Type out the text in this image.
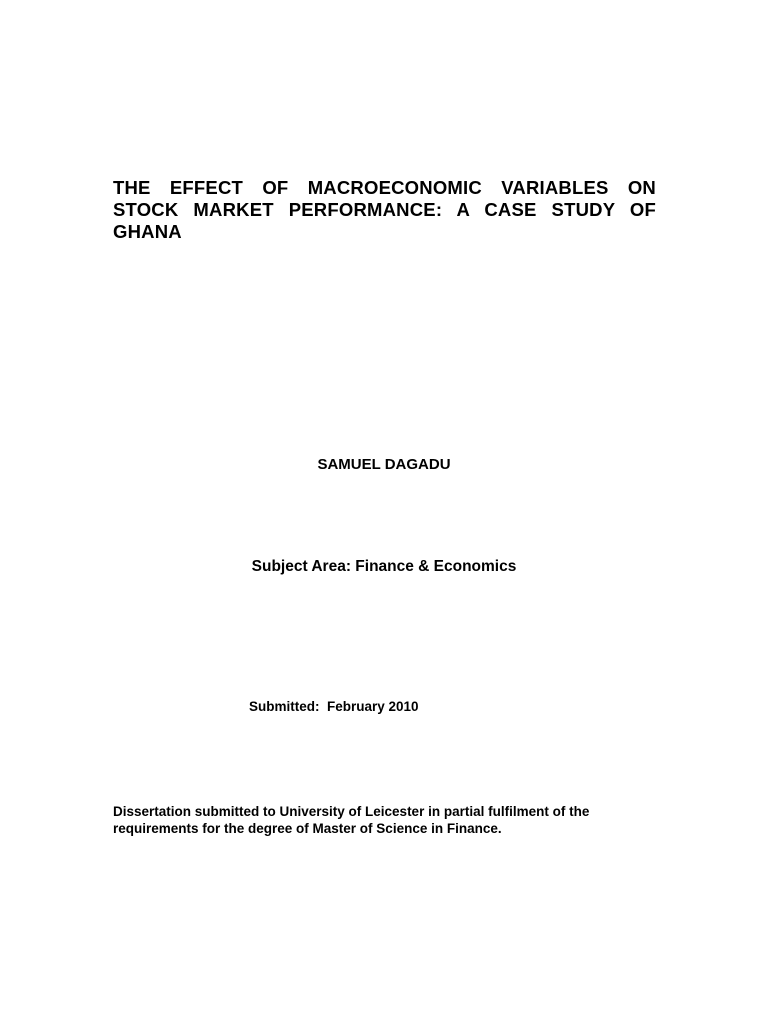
THE EFFECT OF MACROECONOMIC VARIABLES ON STOCK MARKET PERFORMANCE: A CASE STUDY OF GHANA

SAMUEL DAGADU

Subject Area: Finance & Economics

Submitted:  February 2010

Dissertation submitted to University of Leicester in partial fulfilment of the requirements for the degree of Master of Science in Finance.
